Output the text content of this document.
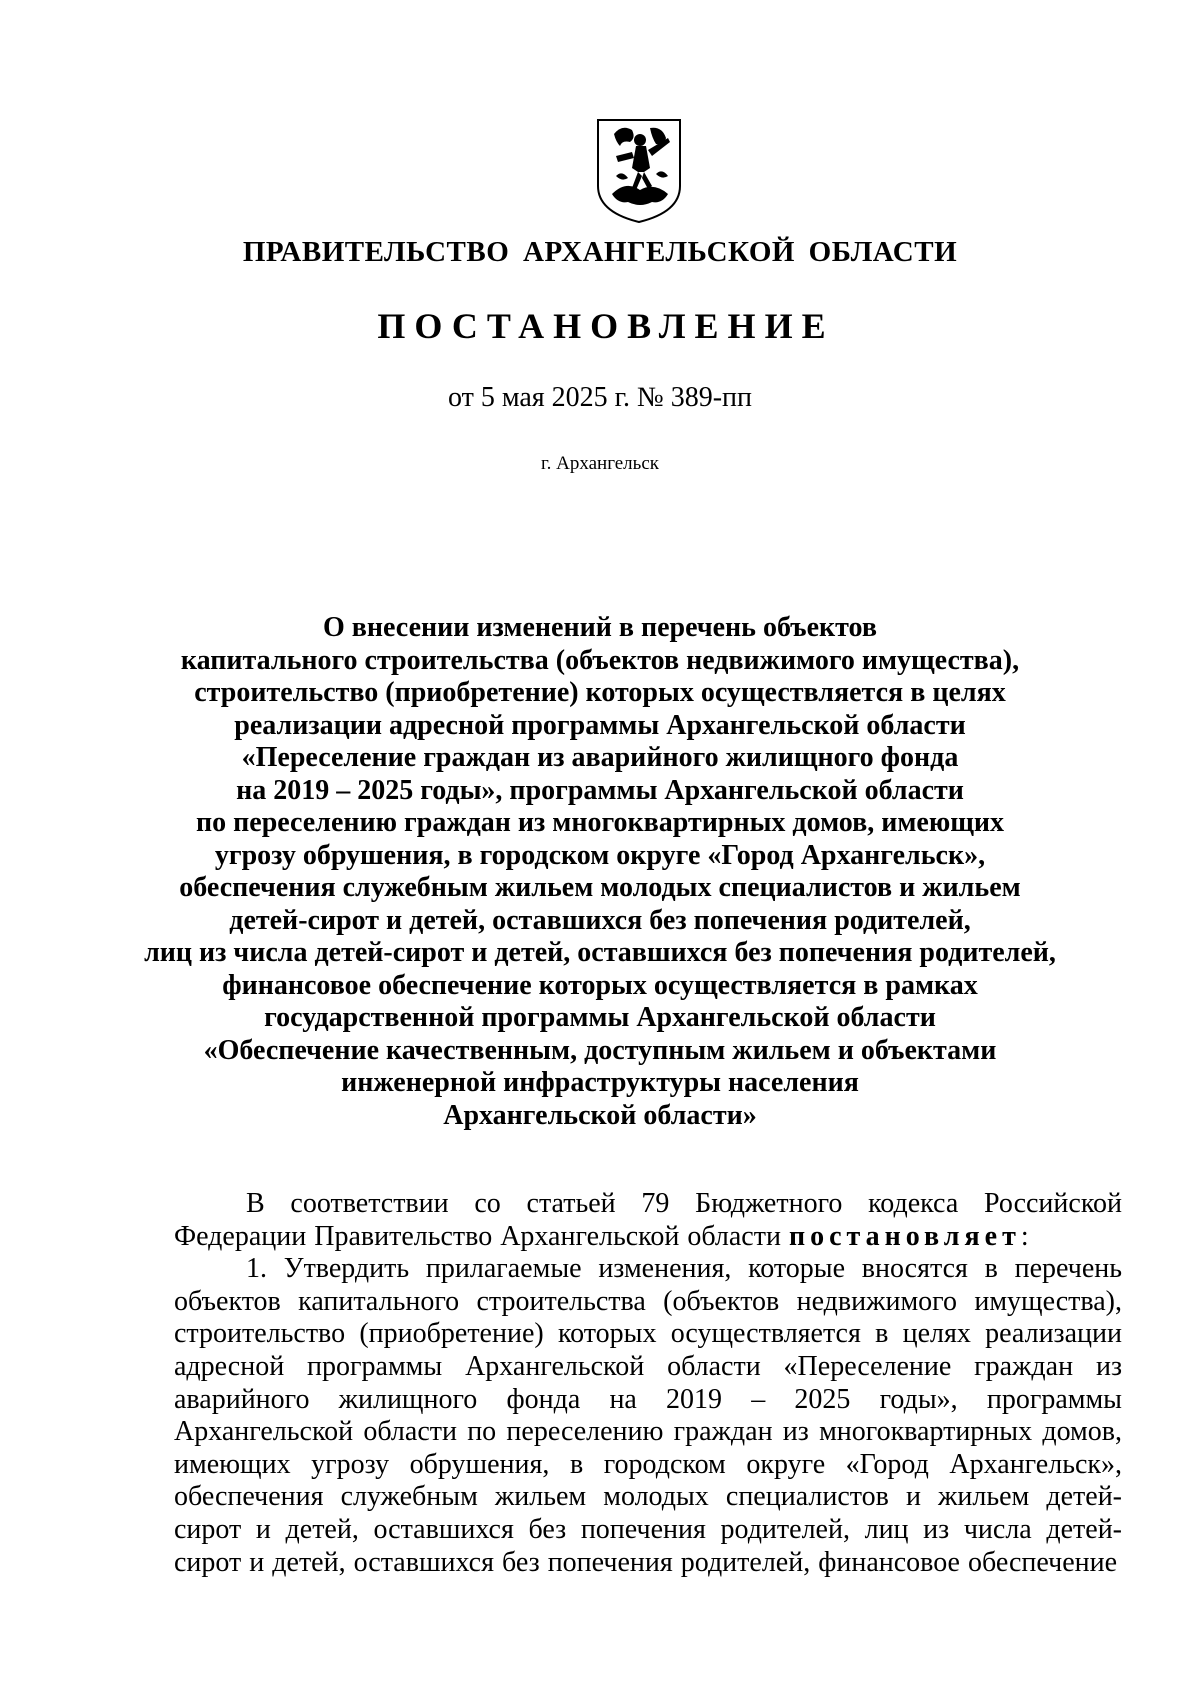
ПРАВИТЕЛЬСТВО АРХАНГЕЛЬСКОЙ ОБЛАСТИ
ПОСТАНОВЛЕНИЕ
от 5 мая 2025 г. № 389-пп
г. Архангельск
О внесении изменений в перечень объектов
капитального строительства (объектов недвижимого имущества),
строительство (приобретение) которых осуществляется в целях
реализации адресной программы Архангельской области
«Переселение граждан из аварийного жилищного фонда
на 2019 – 2025 годы», программы Архангельской области
по переселению граждан из многоквартирных домов, имеющих
угрозу обрушения, в городском округе «Город Архангельск»,
обеспечения служебным жильем молодых специалистов и жильем
детей-сирот и детей, оставшихся без попечения родителей,
лиц из числа детей-сирот и детей, оставшихся без попечения родителей,
финансовое обеспечение которых осуществляется в рамках
государственной программы Архангельской области
«Обеспечение качественным, доступным жильем и объектами
инженерной инфраструктуры населения
Архангельской области»

В соответствии со статьей 79 Бюджетного кодекса Российской Федерации Правительство Архангельской области постановляет:

1. Утвердить прилагаемые изменения, которые вносятся в перечень объектов капитального строительства (объектов недвижимого имущества), строительство (приобретение) которых осуществляется в целях реализации адресной программы Архангельской области «Переселение граждан из аварийного жилищного фонда на 2019 – 2025 годы», программы Архангельской области по переселению граждан из многоквартирных домов, имеющих угрозу обрушения, в городском округе «Город Архангельск», обеспечения служебным жильем молодых специалистов и жильем детей-сирот и детей, оставшихся без попечения родителей, лиц из числа детей-сирот и детей, оставшихся без попечения родителей, финансовое обеспечение
